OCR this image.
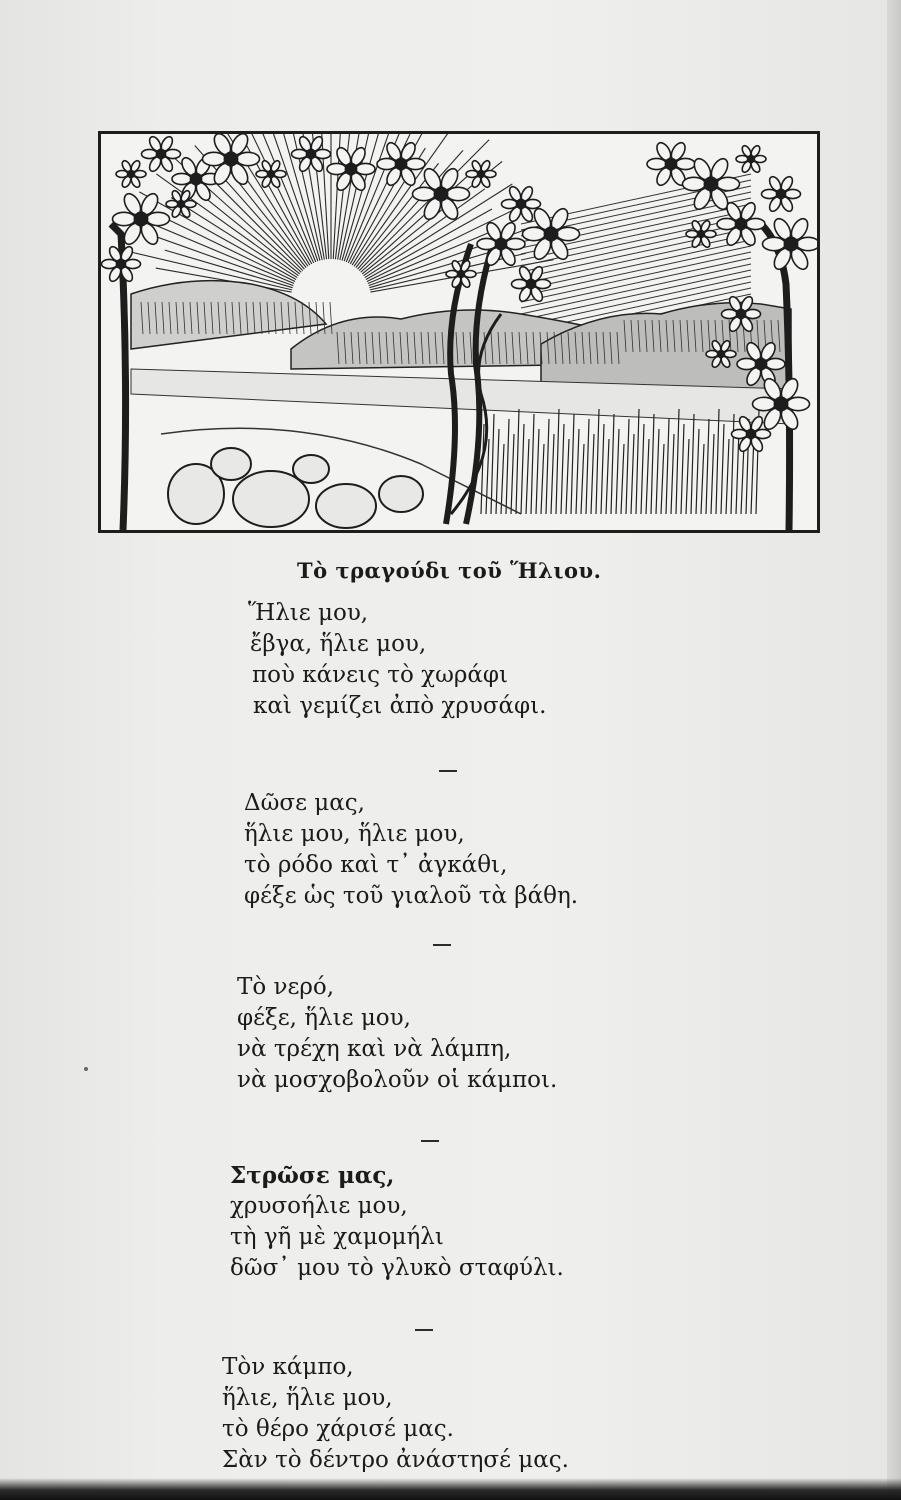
Τὸ τραγούδι τοῦ Ἥλιου.
Ἥλιε μου,
ἔβγα, ἥλιε μου,
ποὺ κάνεις τὸ χωράφι
καὶ γεμίζει ἀπὸ χρυσάφι.
Δῶσε μας,
ἥλιε μου, ἥλιε μου,
τὸ ρόδο καὶ τ᾽ ἀγκάθι,
φέξε ὡς τοῦ γιαλοῦ τὰ βάθη.
Τὸ νερό,
φέξε, ἥλιε μου,
νὰ τρέχη καὶ νὰ λάμπη,
νὰ μοσχοβολοῦν οἱ κάμποι.
Στρῶσε μας,
χρυσοήλιε μου,
τὴ γῆ μὲ χαμομήλι
δῶσ᾽ μου τὸ γλυκὸ σταφύλι.
Τὸν κάμπο,
ἥλιε, ἥλιε μου,
τὸ θέρο χάρισέ μας.
Σὰν τὸ δέντρο ἀνάστησέ μας.
